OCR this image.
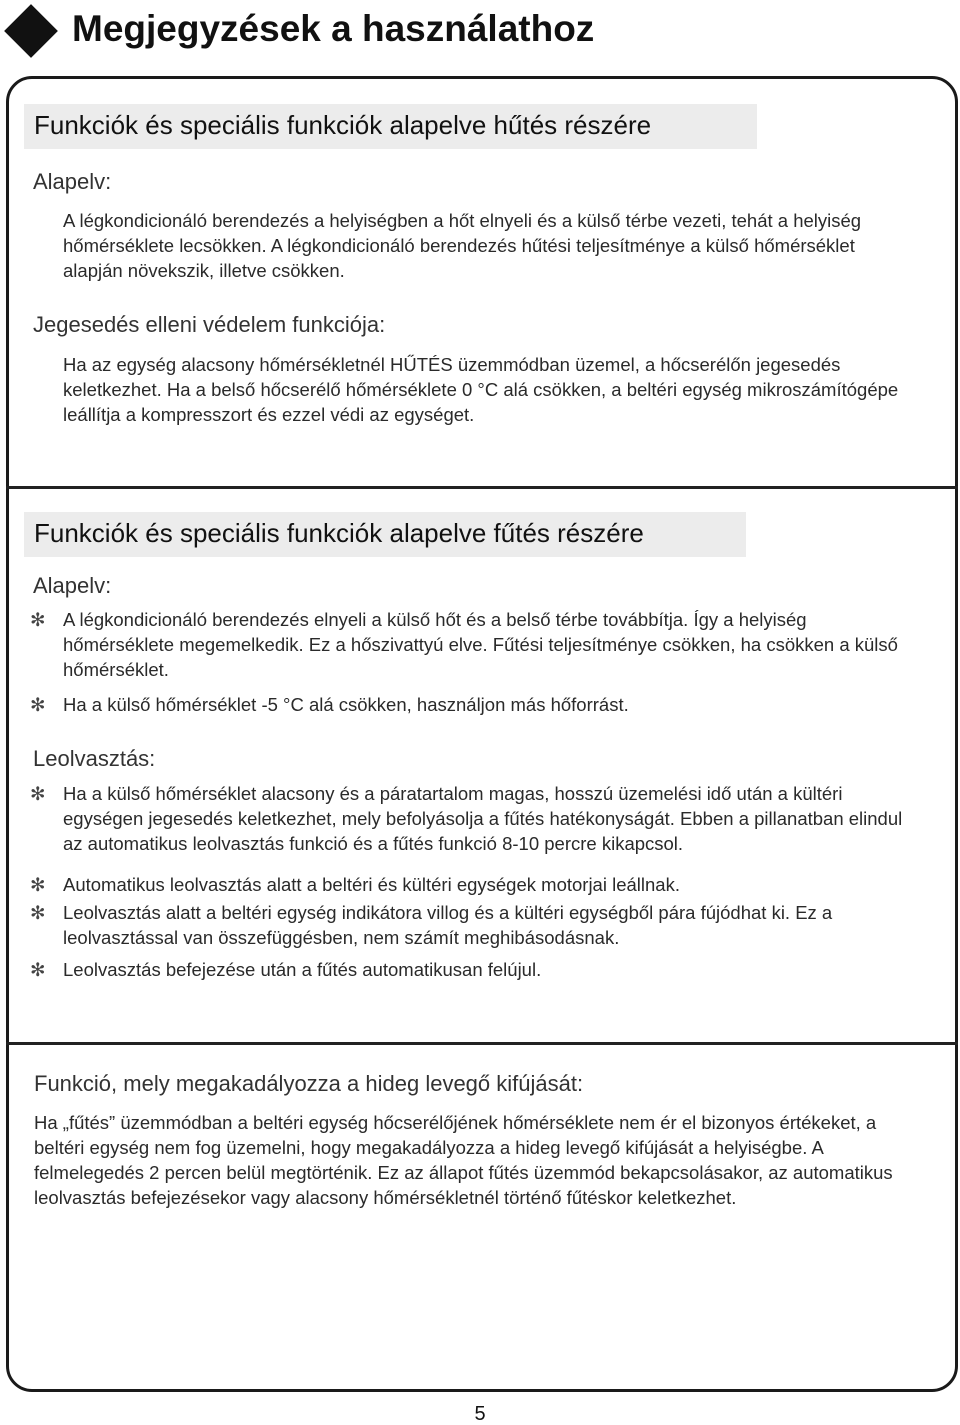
Megjegyzések a használathoz
Funkciók és speciális funkciók alapelve hűtés részére
Alapelv:
A légkondicionáló berendezés a helyiségben a hőt elnyeli és a külső térbe vezeti, tehát a helyiség hőmérséklete lecsökken. A légkondicionáló berendezés hűtési teljesítménye a külső hőmérséklet alapján növekszik, illetve csökken.
Jegesedés elleni védelem funkciója:
Ha az egység alacsony hőmérsékletnél HŰTÉS üzemmódban üzemel, a hőcserélőn jegesedés keletkezhet. Ha a belső hőcserélő hőmérséklete 0 °C alá csökken, a beltéri egység mikroszámítógépe leállítja a kompresszort és ezzel védi az egységet.
Funkciók és speciális funkciók alapelve fűtés részére
Alapelv:
✻ A légkondicionáló berendezés elnyeli a külső hőt és a belső térbe továbbítja. Így a helyiség hőmérséklete megemelkedik. Ez a hőszivattyú elve. Fűtési teljesítménye csökken, ha csökken a külső hőmérséklet.
✻ Ha a külső hőmérséklet -5 °C alá csökken, használjon más hőforrást.
Leolvasztás:
✻ Ha a külső hőmérséklet alacsony és a páratartalom magas, hosszú üzemelési idő után a kültéri egységen jegesedés keletkezhet, mely befolyásolja a fűtés hatékonyságát. Ebben a pillanatban elindul az automatikus leolvasztás funkció és a fűtés funkció 8-10 percre kikapcsol.
✻ Automatikus leolvasztás alatt a beltéri és kültéri egységek motorjai leállnak.
✻ Leolvasztás alatt a beltéri egység indikátora villog és a kültéri egységből pára fújódhat ki. Ez a leolvasztással van összefüggésben, nem számít meghibásodásnak.
✻ Leolvasztás befejezése után a fűtés automatikusan felújul.
Funkció, mely megakadályozza a hideg levegő kifújását:
Ha „fűtés” üzemmódban a beltéri egység hőcserélőjének hőmérséklete nem ér el bizonyos értékeket, a beltéri egység nem fog üzemelni, hogy megakadályozza a hideg levegő kifújását a helyiségbe. A felmelegedés 2 percen belül megtörténik. Ez az állapot fűtés üzemmód bekapcsolásakor, az automatikus leolvasztás befejezésekor vagy alacsony hőmérsékletnél történő fűtéskor keletkezhet.
5
